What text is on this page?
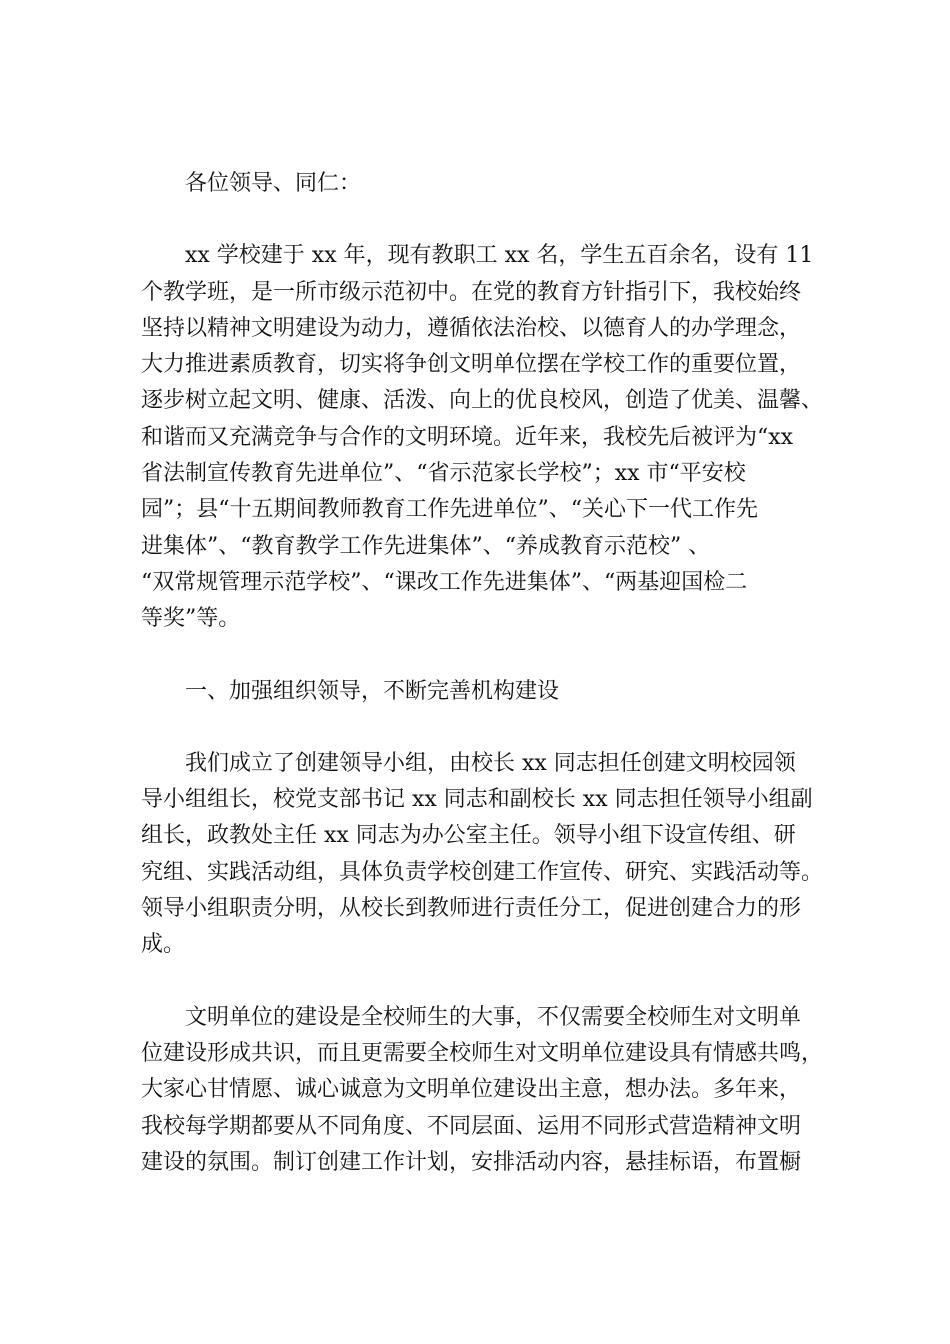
各位领导、同仁：

xx 学校建于 xx 年，现有教职工 xx 名，学生五百余名，设有 11
个教学班，是一所市级示范初中。在党的教育方针指引下，我校始终
坚持以精神文明建设为动力，遵循依法治校、以德育人的办学理念，
大力推进素质教育，切实将争创文明单位摆在学校工作的重要位置，
逐步树立起文明、健康、活泼、向上的优良校风，创造了优美、温馨、
和谐而又充满竞争与合作的文明环境。近年来，我校先后被评为“xx
省法制宣传教育先进单位”、“省示范家长学校”；xx 市“平安校
园”；县“十五期间教师教育工作先进单位”、“关心下一代工作先
进集体”、“教育教学工作先进集体”、“养成教育示范校” 、
“双常规管理示范学校”、“课改工作先进集体”、“两基迎国检二
等奖”等。

一、加强组织领导，不断完善机构建设

我们成立了创建领导小组，由校长 xx 同志担任创建文明校园领
导小组组长，校党支部书记 xx 同志和副校长 xx 同志担任领导小组副
组长，政教处主任 xx 同志为办公室主任。领导小组下设宣传组、研
究组、实践活动组，具体负责学校创建工作宣传、研究、实践活动等。
领导小组职责分明，从校长到教师进行责任分工，促进创建合力的形
成。

文明单位的建设是全校师生的大事，不仅需要全校师生对文明单
位建设形成共识，而且更需要全校师生对文明单位建设具有情感共鸣，
大家心甘情愿、诚心诚意为文明单位建设出主意，想办法。多年来，
我校每学期都要从不同角度、不同层面、运用不同形式营造精神文明
建设的氛围。制订创建工作计划，安排活动内容，悬挂标语，布置橱
